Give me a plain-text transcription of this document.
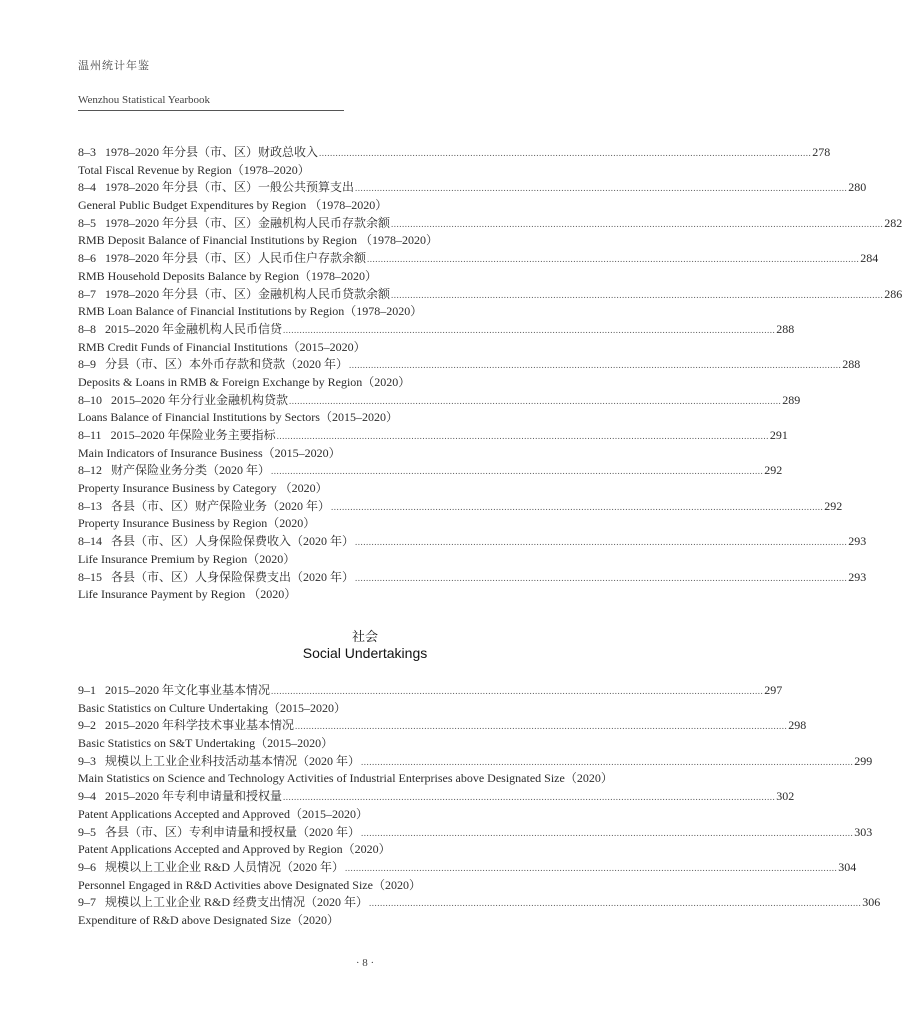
温州统计年鉴
Wenzhou Statistical Yearbook
8–3 1978–2020 年分县（市、区）财政总收入 ................................................................................................................................................................................... 278
Total Fiscal Revenue by Region（1978–2020）
8–4 1978–2020 年分县（市、区）一般公共预算支出 ................................................................................................................................................................................... 280
General Public Budget Expenditures by Region （1978–2020）
8–5 1978–2020 年分县（市、区）金融机构人民币存款余额 ................................................................................................................................................................................... 282
RMB Deposit Balance of Financial Institutions by Region （1978–2020）
8–6 1978–2020 年分县（市、区）人民币住户存款余额 ................................................................................................................................................................................... 284
RMB Household Deposits Balance by Region（1978–2020）
8–7 1978–2020 年分县（市、区）金融机构人民币贷款余额 ................................................................................................................................................................................... 286
RMB Loan Balance of Financial Institutions by Region（1978–2020）
8–8 2015–2020 年金融机构人民币信贷 ................................................................................................................................................................................... 288
RMB Credit Funds of Financial Institutions（2015–2020）
8–9 分县（市、区）本外币存款和贷款（2020 年） ................................................................................................................................................................................... 288
Deposits & Loans in RMB & Foreign Exchange by Region（2020）
8–10 2015–2020 年分行业金融机构贷款 ................................................................................................................................................................................... 289
Loans Balance of Financial Institutions by Sectors（2015–2020）
8–11 2015–2020 年保险业务主要指标 ................................................................................................................................................................................... 291
Main Indicators of Insurance Business（2015–2020）
8–12 财产保险业务分类（2020 年） ................................................................................................................................................................................... 292
Property Insurance Business by Category （2020）
8–13 各县（市、区）财产保险业务（2020 年） ................................................................................................................................................................................... 292
Property Insurance Business by Region（2020）
8–14 各县（市、区）人身保险保费收入（2020 年） ................................................................................................................................................................................... 293
Life Insurance Premium by Region（2020）
8–15 各县（市、区）人身保险保费支出（2020 年） ................................................................................................................................................................................... 293
Life Insurance Payment by Region （2020）
社会
Social Undertakings
9–1 2015–2020 年文化事业基本情况 ................................................................................................................................................................................... 297
Basic Statistics on Culture Undertaking（2015–2020）
9–2 2015–2020 年科学技术事业基本情况 ................................................................................................................................................................................... 298
Basic Statistics on S&T Undertaking（2015–2020）
9–3 规模以上工业企业科技活动基本情况（2020 年） ................................................................................................................................................................................... 299
Main Statistics on Science and Technology Activities of Industrial Enterprises above Designated Size（2020）
9–4 2015–2020 年专利申请量和授权量 ................................................................................................................................................................................... 302
Patent Applications Accepted and Approved（2015–2020）
9–5 各县（市、区）专利申请量和授权量（2020 年） ................................................................................................................................................................................... 303
Patent Applications Accepted and Approved by Region（2020）
9–6 规模以上工业企业 R&D 人员情况（2020 年） ................................................................................................................................................................................... 304
Personnel Engaged in R&D Activities above Designated Size（2020）
9–7 规模以上工业企业 R&D 经费支出情况（2020 年） ................................................................................................................................................................................... 306
Expenditure of R&D above Designated Size（2020）
· 8 ·
